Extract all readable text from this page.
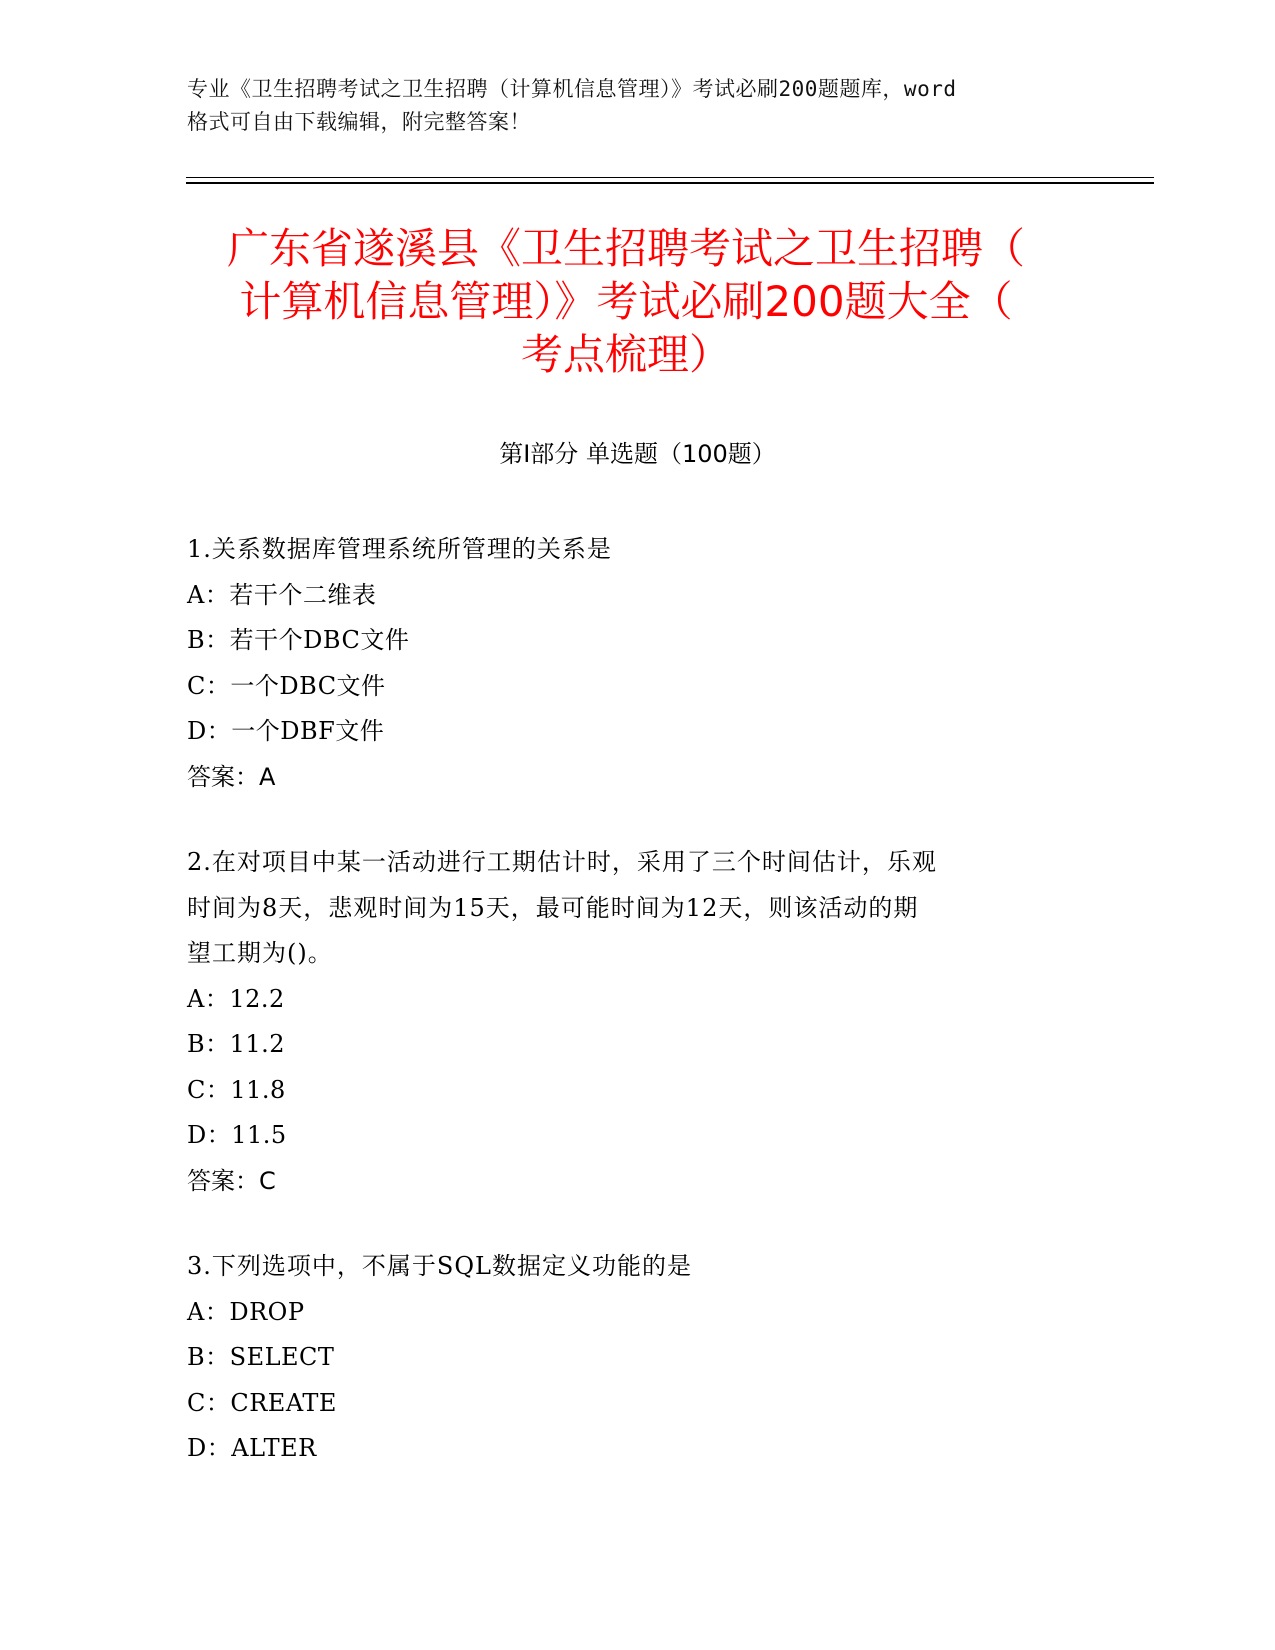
专业《卫生招聘考试之卫生招聘（计算机信息管理）》考试必刷200题题库，word
格式可自由下载编辑，附完整答案！
广东省遂溪县《卫生招聘考试之卫生招聘（
计算机信息管理）》考试必刷200题大全（
考点梳理）
第Ⅰ部分 单选题（100题）

1.关系数据库管理系统所管理的关系是

A：若干个二维表

B：若干个DBC文件

C：一个DBC文件

D：一个DBF文件

答案：A

2.在对项目中某一活动进行工期估计时，采用了三个时间估计，乐观

时间为8天，悲观时间为15天，最可能时间为12天，则该活动的期

望工期为()。

A：12.2

B：11.2

C：11.8

D：11.5

答案：C

3.下列选项中，不属于SQL数据定义功能的是

A：DROP

B：SELECT

C：CREATE

D：ALTER
